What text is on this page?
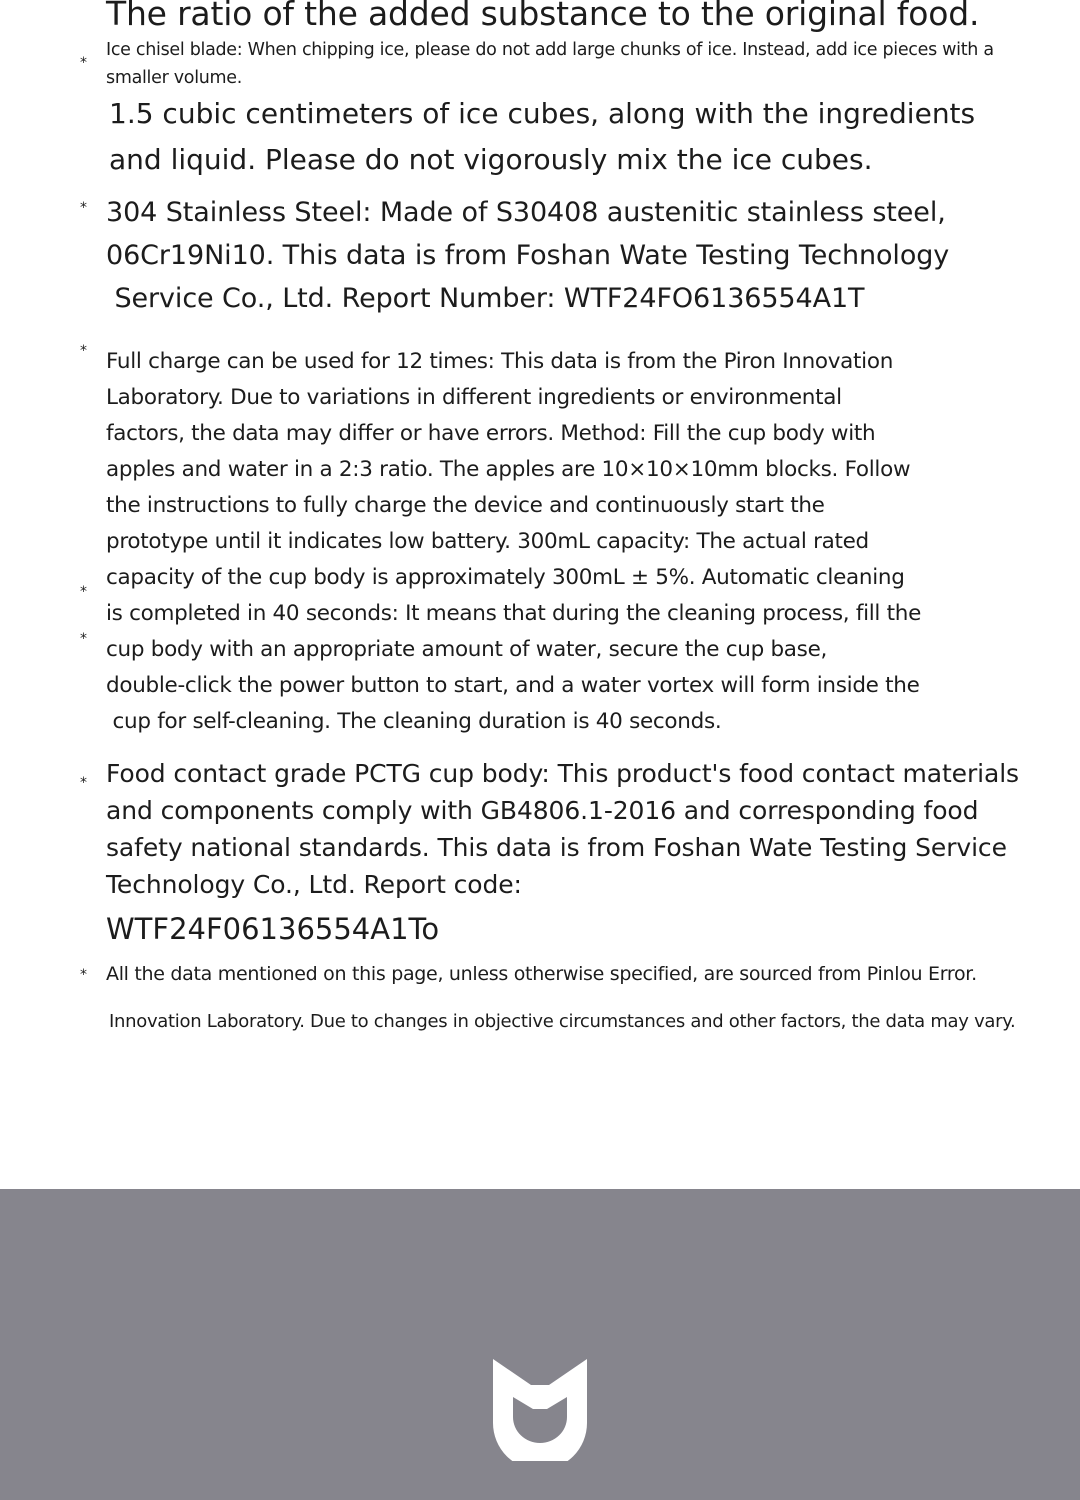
*
*
*
*
*
*
*

The ratio of the added substance to the original food.

Ice chisel blade: When chipping ice, please do not add large chunks of ice. Instead, add ice pieces with a smaller volume.

1.5 cubic centimeters of ice cubes, along with the ingredients
and liquid. Please do not vigorously mix the ice cubes.
304 Stainless Steel: Made of S30408 austenitic stainless steel,
06Cr19Ni10. This data is from Foshan Wate Testing Technology
Service Co., Ltd. Report Number: WTF24FO6136554A1T
Full charge can be used for 12 times: This data is from the Piron Innovation
Laboratory. Due to variations in different ingredients or environmental
factors, the data may differ or have errors. Method: Fill the cup body with
apples and water in a 2:3 ratio. The apples are 10×10×10mm blocks. Follow
the instructions to fully charge the device and continuously start the
prototype until it indicates low battery. 300mL capacity: The actual rated
capacity of the cup body is approximately 300mL ± 5%. Automatic cleaning
is completed in 40 seconds: It means that during the cleaning process, fill the
cup body with an appropriate amount of water, secure the cup base,
double-click the power button to start, and a water vortex will form inside the
cup for self-cleaning. The cleaning duration is 40 seconds.
Food contact grade PCTG cup body: This product's food contact materials
and components comply with GB4806.1-2016 and corresponding food
safety national standards. This data is from Foshan Wate Testing Service
Technology Co., Ltd. Report code:

WTF24F06136554A1To

All the data mentioned on this page, unless otherwise specified, are sourced from Pinlou Error.

Innovation Laboratory. Due to changes in objective circumstances and other factors, the data may vary.
